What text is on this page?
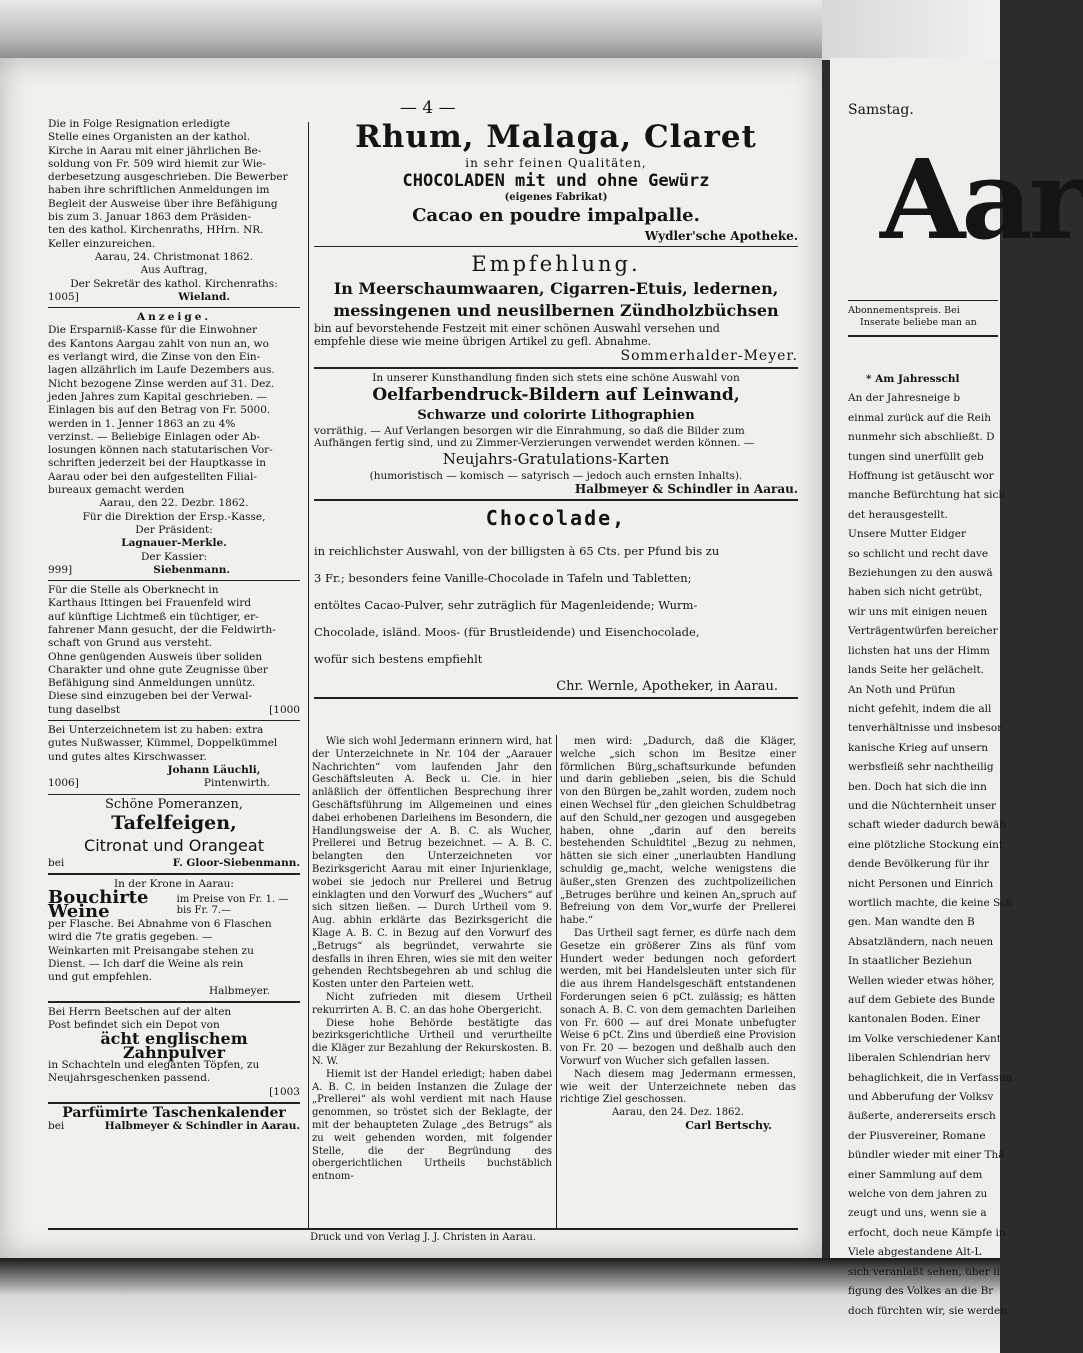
— 4 —

Die in Folge Resignation erledigte

Stelle eines Organisten an der kathol.

Kirche in Aarau mit einer jährlichen Be-

soldung von Fr. 509 wird hiemit zur Wie-

derbesetzung ausgeschrieben. Die Bewerber

haben ihre schriftlichen Anmeldungen im

Begleit der Ausweise über ihre Befähigung

bis zum 3. Januar 1863 dem Präsiden-

ten des kathol. Kirchenraths, HHrn. NR.

Keller einzureichen.

Aarau, 24. Christmonat 1862.

Aus Auftrag,

Der Sekretär des kathol. Kirchenraths:

1005]	Wieland.

Anzeige.

Die Ersparniß-Kasse für die Einwohner

des Kantons Aargau zahlt von nun an, wo

es verlangt wird, die Zinse von den Ein-

lagen allzährlich im Laufe Dezembers aus.

Nicht bezogene Zinse werden auf 31. Dez.

jeden Jahres zum Kapital geschrieben. —

Einlagen bis auf den Betrag von Fr. 5000.

werden in 1. Jenner 1863 an zu 4%

verzinst. — Beliebige Einlagen oder Ab-

losungen können nach statutarischen Vor-

schriften jederzeit bei der Hauptkasse in

Aarau oder bei den aufgestellten Filial-

bureaux gemacht werden

Aarau, den 22. Dezbr. 1862.

Für die Direktion der Ersp.-Kasse,

Der Präsident:

Lagnauer-Merkle.

Der Kassier:

999]	Siebenmann.

Für die Stelle als Oberknecht in

Karthaus Ittingen bei Frauenfeld wird

auf künftige Lichtmeß ein tüchtiger, er-

fahrener Mann gesucht, der die Feldwirth-

schaft von Grund aus versteht.

Ohne genügenden Ausweis über soliden

Charakter und ohne gute Zeugnisse über

Befähigung sind Anmeldungen unnütz.

Diese sind einzugeben bei der Verwal-

tung daselbst	[1000

Bei Unterzeichnetem ist zu haben: extra

gutes Nußwasser, Kümmel, Doppelkümmel

und gutes altes Kirschwasser.

Johann Läuchli,

1006]	Pintenwirth.

Schöne Pomeranzen,

Tafelfeigen,

Citronat und Orangeat

bei	F. Gloor-Siebenmann.

In der Krone in Aarau:

Bouchirte Weine
im Preise von Fr. 1. — bis Fr. 7.—

per Flasche. Bei Abnahme von 6 Flaschen

wird die 7te gratis gegeben. —

Weinkarten mit Preisangabe stehen zu

Dienst. — Ich darf die Weine als rein

und gut empfehlen.

Halbmeyer.

Bei Herrn Beetschen auf der alten

Post befindet sich ein Depot von

ächt englischem Zahnpulver

in Schachteln und eleganten Töpfen, zu

Neujahrsgeschenken passend.

[1003

Parfümirte Taschenkalender

bei	Halbmeyer & Schindler in Aarau.

Rhum, Malaga, Claret
in sehr feinen Qualitäten,
CHOCOLADEN mit und ohne Gewürz
(eigenes Fabrikat)
Cacao en poudre impalpalle.
Wydler'sche Apotheke.
Empfehlung.
In Meerschaumwaaren, Cigarren-Etuis, ledernen,
messingenen und neusilbernen Zündholzbüchsen
bin auf bevorstehende Festzeit mit einer schönen Auswahl versehen und
empfehle diese wie meine übrigen Artikel zu gefl. Abnahme.
Sommerhalder-Meyer.
In unserer Kunsthandlung finden sich stets eine schöne Auswahl von
Oelfarbendruck-Bildern auf Leinwand,
Schwarze und colorirte Lithographien
vorräthig. — Auf Verlangen besorgen wir die Einrahmung, so daß die Bilder zum
Aufhängen fertig sind, und zu Zimmer-Verzierungen verwendet werden können. —
Neujahrs-Gratulations-Karten
(humoristisch — komisch — satyrisch — jedoch auch ernsten Inhalts).
Halbmeyer & Schindler in Aarau.
Chocolade,

in reichlichster Auswahl, von der billigsten à 65 Cts. per Pfund bis zu

3 Fr.; besonders feine Vanille-Chocolade in Tafeln und Tabletten;

entöltes Cacao-Pulver, sehr zuträglich für Magenleidende; Wurm-

Chocolade, isländ. Moos- (für Brustleidende) und Eisenchocolade,

wofür sich bestens empfiehlt

Chr. Wernle, Apotheker, in Aarau.

Wie sich wohl Jedermann erinnern wird, hat der Unterzeichnete in Nr. 104 der „Aarauer Nachrichten“ vom laufenden Jahr den Geschäftsleuten A. Beck u. Cie. in hier anläßlich der öffentlichen Besprechung ihrer Geschäftsführung im Allgemeinen und eines dabei erhobenen Darleihens im Besondern, die Handlungsweise der A. B. C. als Wucher, Prellerei und Betrug bezeichnet. — A. B. C. belangten den Unterzeichneten vor Bezirksgericht Aarau mit einer Injurienklage, wobei sie jedoch nur Prellerei und Betrug einklagten und den Vorwurf des „Wuchers“ auf sich sitzen ließen. — Durch Urtheil vom 9. Aug. abhin erklärte das Bezirksgericht die Klage A. B. C. in Bezug auf den Vorwurf des „Betrugs“ als begründet, verwahrte sie desfalls in ihren Ehren, wies sie mit den weiter gehenden Rechtsbegehren ab und schlug die Kosten unter den Parteien wett.

Nicht zufrieden mit diesem Urtheil rekurrirten A. B. C. an das hohe Obergericht.

Diese hohe Behörde bestätigte das bezirksgerichtliche Urtheil und verurtheilte die Kläger zur Bezahlung der Rekurskosten. B. N. W.

Hiemit ist der Handel erledigt; haben dabei A. B. C. in beiden Instanzen die Zulage der „Prellerei“ als wohl verdient mit nach Hause genommen, so tröstet sich der Beklagte, der mit der behaupteten Zulage „des Betrugs“ als zu weit gehenden worden, mit folgender Stelle, die der Begründung des obergerichtlichen Urtheils buchstäblich entnom-

men wird: „Dadurch, daß die Kläger, welche „sich schon im Besitze einer förmlichen Bürg„schaftsurkunde befunden und darin geblieben „seien, bis die Schuld von den Bürgen be„zahlt worden, zudem noch einen Wechsel für „den gleichen Schuldbetrag auf den Schuld„ner gezogen und ausgegeben haben, ohne „darin auf den bereits bestehenden Schuldtitel „Bezug zu nehmen, hätten sie sich einer „unerlaubten Handlung schuldig ge„macht, welche wenigstens die äußer„sten Grenzen des zuchtpolizeilichen „Betruges berühre und keinen An„spruch auf Befreiung von dem Vor„wurfe der Prellerei habe.“

Das Urtheil sagt ferner, es dürfe nach dem Gesetze ein größerer Zins als fünf vom Hundert weder bedungen noch gefordert werden, mit bei Handelsleuten unter sich für die aus ihrem Handelsgeschäft entstandenen Forderungen seien 6 pCt. zulässig; es hätten sonach A. B. C. von dem gemachten Darleihen von Fr. 600 — auf drei Monate unbefugter Weise 6 pCt. Zins und überdieß eine Provision von Fr. 20 — bezogen und deßhalb auch den Vorwurf von Wucher sich gefallen lassen.

Nach diesem mag Jedermann ermessen, wie weit der Unterzeichnete neben das richtige Ziel geschossen.

Aarau, den 24. Dez. 1862.

Carl Bertschy.

Druck und von Verlag J. J. Christen in Aarau.
Samstag.
Aar
Abonnementspreis. Bei
Inserate beliebe man an

* Am Jahresschl

An der Jahresneige b

einmal zurück auf die Reih

nunmehr sich abschließt. D

tungen sind unerfüllt geb

Hoffnung ist getäuscht wor

manche Befürchtung hat sich

det herausgestellt.

Unsere Mutter Eidger

so schlicht und recht dave

Beziehungen zu den auswä

haben sich nicht getrübt,

wir uns mit einigen neuen

Verträgentwürfen bereicher

lichsten hat uns der Himm

lands Seite her gelächelt.

An Noth und Prüfun

nicht gefehlt, indem die all

tenverhältnisse und insbesor

kanische Krieg auf unsern

werbsfleiß sehr nachtheilig

ben. Doch hat sich die inn

und die Nüchternheit unser

schaft wieder dadurch bewäh

eine plötzliche Stockung eint

dende Bevölkerung für ihr

nicht Personen und Einrich

wortlich machte, die keine Sch

gen. Man wandte den B

Absatzländern, nach neuen

In staatlicher Beziehun

Wellen wieder etwas höher,

auf dem Gebiete des Bunde

kantonalen Boden. Einer

im Volke verschiedener Kant

liberalen Schlendrian herv

behaglichkeit, die in Verfassun

und Abberufung der Volksv

äußerte, andererseits ersch

der Piusvereiner, Romane

bündler wieder mit einer Thä

einer Sammlung auf dem

welche von dem jahren zu

zeugt und uns, wenn sie a

erfocht, doch neue Kämpfe in

Viele abgestandene Alt-L

sich veranlaßt sehen, über il

figung des Volkes an die Br

doch fürchten wir, sie werden
